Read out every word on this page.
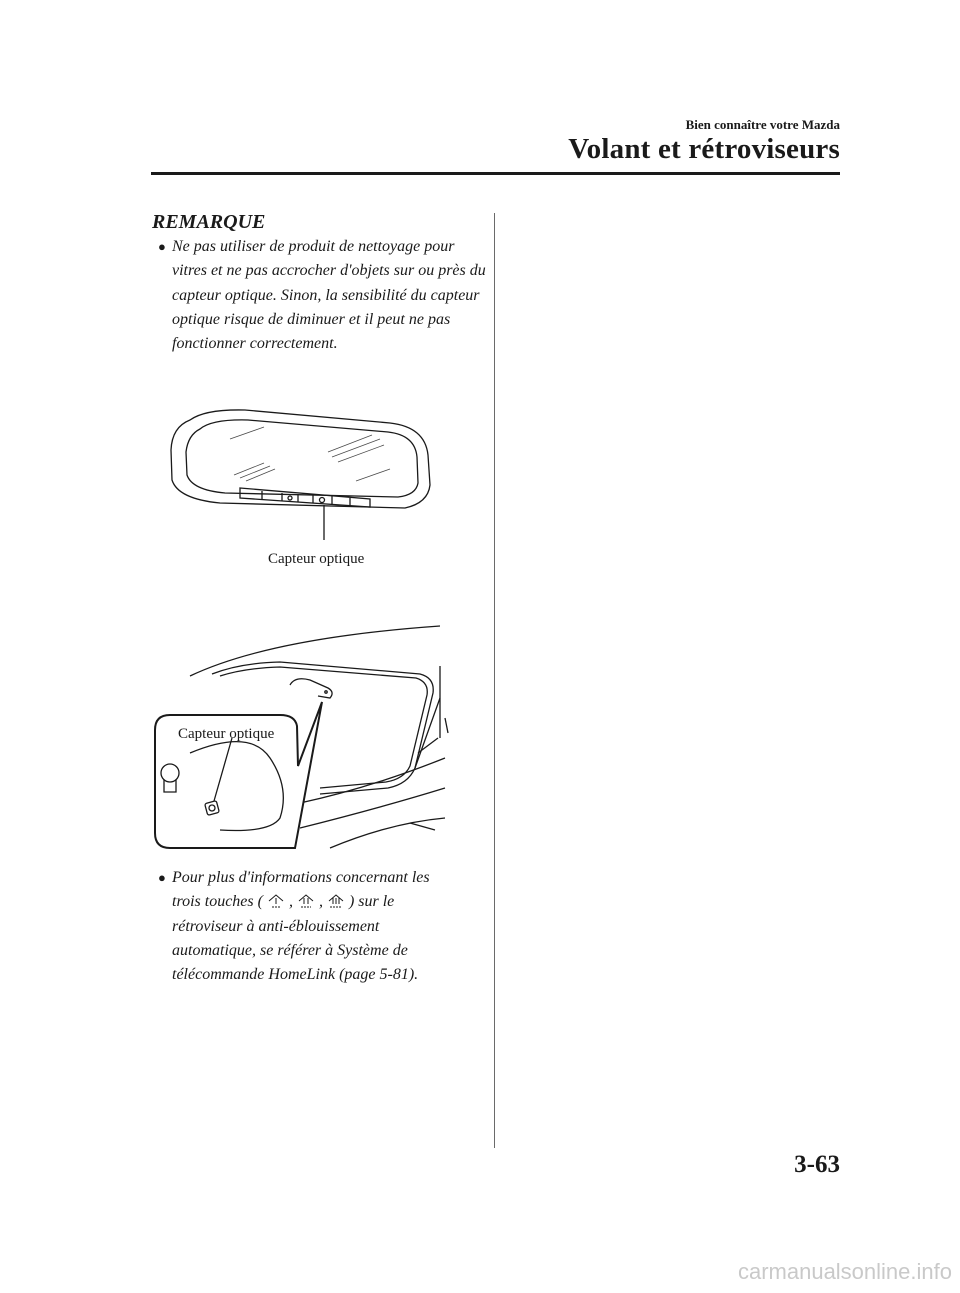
Bien connaître votre Mazda
Volant et rétroviseurs
REMARQUE
● Ne pas utiliser de produit de nettoyage pour vitres et ne pas accrocher d'objets sur ou près du capteur optique. Sinon, la sensibilité du capteur optique risque de diminuer et il peut ne pas fonctionner correctement.
Capteur optique
Capteur optique
● Pour plus d'informations concernant les
trois touches ( , , ) sur le
rétroviseur à anti-éblouissement
automatique, se référer à Système de
télécommande HomeLink (page 5-81).
3-63
carmanualsonline.info
